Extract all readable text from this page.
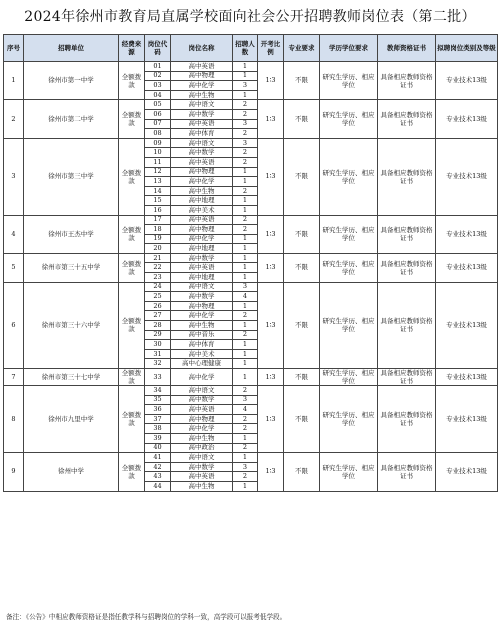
2024年徐州市教育局直属学校面向社会公开招聘教师岗位表（第二批）
序号	招聘单位	经费来源	岗位代码	岗位名称	招聘人数	开考比例	专业要求	学历学位要求	教师资格证书	拟聘岗位类别及等级
1	徐州市第一中学	全额拨款	01	高中英语	1	1∶3	不限	研究生学历、相应学位	具备相应教师资格证书	专业技术13级
			02	高中物理	1					
			03	高中化学	3					
			04	高中生物	1					
2	徐州市第二中学	全额拨款	05	高中语文	2	1∶3	不限	研究生学历、相应学位	具备相应教师资格证书	专业技术13级
			06	高中数学	2					
			07	高中英语	3					
			08	高中体育	2					
3	徐州市第三中学	全额拨款	09	高中语文	3	1∶3	不限	研究生学历、相应学位	具备相应教师资格证书	专业技术13级
			10	高中数学	2					
			11	高中英语	2					
			12	高中物理	1					
			13	高中化学	1					
			14	高中生物	2					
			15	高中地理	1					
			16	高中美术	1					
4	徐州市王杰中学	全额拨款	17	高中英语	2	1∶3	不限	研究生学历、相应学位	具备相应教师资格证书	专业技术13级
			18	高中物理	2					
			19	高中化学	1					
			20	高中地理	1					
5	徐州市第三十五中学	全额拨款	21	高中数学	1	1∶3	不限	研究生学历、相应学位	具备相应教师资格证书	专业技术13级
			22	高中英语	1					
			23	高中地理	1					
6	徐州市第三十六中学	全额拨款	24	高中语文	3	1∶3	不限	研究生学历、相应学位	具备相应教师资格证书	专业技术13级
			25	高中数学	4					
			26	高中物理	1					
			27	高中化学	2					
			28	高中生物	1					
			29	高中音乐	2					
			30	高中体育	1					
			31	高中美术	1					
			32	高中心理健康	1					
7	徐州市第三十七中学	全额拨款	33	高中化学	1	1∶3	不限	研究生学历、相应学位	具备相应教师资格证书	专业技术13级
8	徐州市九里中学	全额拨款	34	高中语文	2	1∶3	不限	研究生学历、相应学位	具备相应教师资格证书	专业技术13级
			35	高中数学	3					
			36	高中英语	4					
			37	高中物理	2					
			38	高中化学	2					
			39	高中生物	1					
			40	高中政治	2					
9	徐州中学	全额拨款	41	高中语文	1	1∶3	不限	研究生学历、相应学位	具备相应教师资格证书	专业技术13级
			42	高中数学	3					
			43	高中英语	2					
			44	高中生物	1					
备注：《公告》中相应教师资格证是指任教学科与招聘岗位的学科一致，高学段可以报考低学段。
